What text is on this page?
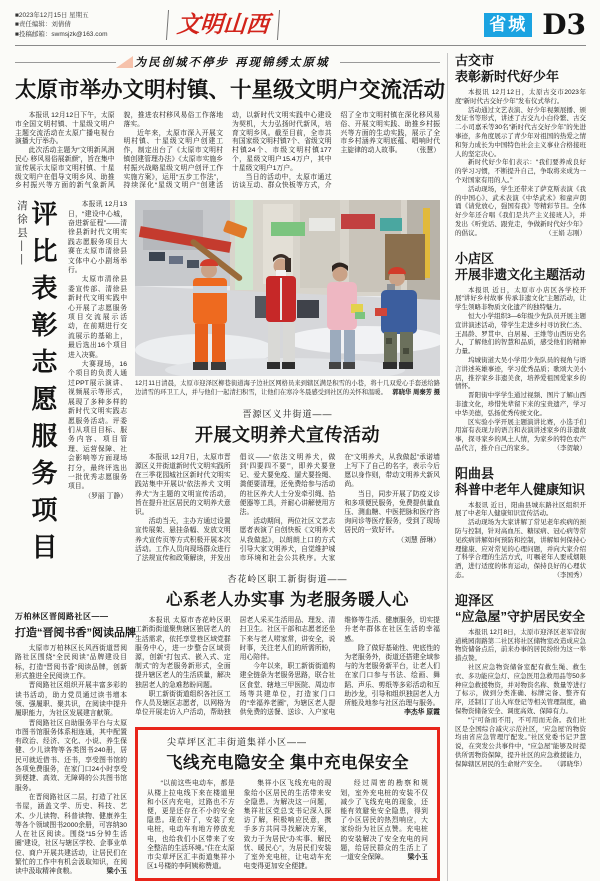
■2023年12月15日 星期五
■责任编辑：刘倩倩
■投稿邮箱：swmsjzk@163.com	文明山西	省城 D3
为民创城不停步 再现锦绣太原城
太原市举办文明村镇、十星级文明户交流活动

本报讯 12月12日下午，太原市全国文明村镇、十星级文明户主题交流活动在太原广播电视台演播大厅举办。

此次活动主题为“文明新风润民心 移风易俗展新颜”，旨在集中宣传展示太原市文明村镇、十星级文明户在倡导文明乡风、助推乡村振兴等方面的新气象新风貌，推进农村移风易俗工作落地落实。

近年来，太原市深入开展文明村镇、十星级文明户创建工作，制定出台了《太原市文明村镇创建管理办法》《太原市实施乡村振兴战略星级文明户创评工作实施方案》，运用“五步工作法”，持续深化“星级文明户”创建活动，以新时代文明实践中心建设为契机，大力弘扬时代新风，培育文明乡风。截至目前，全市共有国家级文明村镇7个、省级文明村镇24个、市级文明村镇177个，星级文明户15.4万户，其中十星级文明户1万户。

当日的活动中，太原市通过访谈互动、群众快板等方式，介绍了全市文明村镇在深化移风易俗、开展文明实践、助推乡村振兴等方面的生动实践，展示了全市乡村涵养文明底蕴、唱响时代主旋律的动人故事。 （张慧）

清徐县—— 评比表彰志愿服务项目	本报讯 12月13日，“建设中心城，奋进新征程”——清徐县新时代文明实践志愿服务项目大赛在太原市清徐县文体中心小剧场举行。

太原市清徐县委宣传部、清徐县新时代文明实践中心开展了志愿服务项目交流展示活动，在前期进行交流展示的基础上，最后选出16个项目进入决赛。

大赛现场，16个项目的负责人通过PPT展示演讲、视频展示等形式，展现了多种多样的新时代文明实践志愿服务活动。评委们从项目目标、服务内容、项目管理、运营保障、社会影响等方面现场打分，最终评选出一批优秀志愿服务项目。
（罗丽 丁静）

万柏林区晋阅路社区——
打造“晋阅书香”阅读品牌

太原市万柏林区长风西街道晋阅路社区围绕“全民阅读”品牌建设目标，打造“晋阅书香”阅读品牌，创新形式推进全民阅读工作。

晋阅路社区组织开展丰富多彩的读书活动，助力党员通过读书增本领、强履职、聚共识，在阅读中提升履职能力，为社区发展建言献策。

晋阅路社区自助服务平台与太原市图书馆服务体系相连通，其中配置有政治、经济、文化、小说、养生保健、少儿读物等各类图书240册，居民可就近借书、还书，享受图书馆的各项免费服务，在家门口24小时享受到便捷、高效、无障碍的公共图书馆服务。

在晋阅路社区二层，打造了社区书屋，涵盖文学、历史、科技、艺术、少儿读物、科普读物、健康养生等各个领域图书2000余册，可容纳30人在社区阅读。围绕“15分钟生活圈”建设，社区与辖区学校、企事业单位、商户开展共建活动，让居民们在繁忙的工作中有机会汲取知识，在阅读中汲取精神食粮。	梁小玉

12月11日清晨，太原市迎泽区柳巷街道海子边社区网格员来到辖区满是积雪的小巷，将十几双爱心手套送给路边清雪的环卫工人，并与他们一起清扫积雪，让他们在寒冷冬晨感受到社区的关怀和温暖。 郭晓华 周秦芳 摄
晋源区义井街道——
开展文明养犬宣传活动

本报讯 12月7日，太原市晋源区义井街道新时代文明实践所在三季花园城社区新时代文明实践站集中开展以“依法养犬 文明养犬”为主题的文明宣传活动，旨在提升社区居民的文明养犬意识。

活动当天，主办方通过设置宣传展架、悬挂条幅、发放文明养犬宣传页等方式积极开展本次活动。工作人员向现场群众进行了法规宣传和政策解读，并发出倡议——“依法文明养犬，做到‘四要四不要’”，即养犬要登记、爱犬要免疫、遛犬要拴绳、粪便要清理，还免费给参与活动的社区养犬人士分发牵引绳、拾便器等工具，并耐心讲解使用方法。

活动期间，两位社区文艺志愿者表演了自创快板《文明养犬 从我做起》，以朗朗上口的方式引导大家文明养犬，自觉维护城市环境和社会公共秩序。大家在“文明养犬，从我做起”承诺墙上写下了自己的名字，表示今后愿以身作则，带动文明养犬新风尚。

当日，同步开展了防疫义诊和多项便民服务，免费提供量血压、测血糖、中医把脉和医疗咨询问诊等医疗服务，受到了现场居民的一致好评。
（刘慧 薛琳）

杏花岭区职工新街街道——
心系老人办实事 为老服务暖人心

本报讯 太原市杏花岭区职工新街街道聚焦辖区独居老人的生活需求，依托享堂巷区域党群服务中心，进一步整合区域资源，创新“打包式、嵌入式、定制式”的为老服务新形式，全面提升辖区老人的生活质量，解决独居老人的急难愁盼问题。

职工新街街道组织各社区工作人员及辖区志愿者，以网格为单位开展走访入户活动，帮助独居老人采买生活用品、理发、清扫卫生。社区干部和志愿者还坐下来与老人唠家常，讲安全，说时事，关注老人们的所需所盼，用心陪伴。

今年以来，职工新街街道构建全链条为老服务思路，联合社区食堂、辖地三甲医院、周边市场等共建单位，打造家门口的“幸福养老圈”，为辖区老人提供免费的送餐、送诊、入户家电维修等生活、健康服务，切实提升老年群体在社区生活的幸福感。

除了做好基础性、兜底性的为老服务外，街道还搭建全域参与的为老服务新平台，让老人们在家门口参与书法、绘画、舞蹈、声乐、剪纸等多彩活动和互助沙龙，引导和组织独居老人力所能及地参与社区治理与服务。
李杰华 原霞

尖草坪区汇丰街道集祥小区——
飞线充电隐安全 集中充电保安全

“以前这些电动车，都是从楼上拉电线下来在楼道里和小区内充电，过路也不方便，更是还存在不小的安全隐患。现在好了，安装了充电桩，电动车有地方停放充电，也给我们小区带来了安全整洁的生活环境。”住在太原市尖草坪区汇丰街道集祥小区1号楼的李阿姨称赞道。

集祥小区飞线充电的现象给小区居民的生活带来安全隐患。为解决这一问题，集祥社区党总支书记深入探访了解，积极响应民意，携手多方共同寻找解决方案，致力于为居民“办实事、解民忧、暖民心”，为居民们安装了室外充电桩，让电动车充电变得更加安全便捷。

经过周密的勘察和规划，室外充电桩的安装不仅减少了飞线充电的现象，还能有效避免安全隐患，得到了小区居民的热烈响应，大家纷纷为社区点赞。充电桩的安装解决了安全充电的问题，给居民群众的生活上了一道安全保障。	梁小玉

古交市
表彰新时代好少年

本报讯 12月12日，太原古交市2023年度“新时代古交好少年”发布仪式举行。

活动通过文艺表演、好少年视频展播、颁发证书等形式，讲述了古交九小白伶繁、古交二小司嘉禾等30名“新时代古交好少年”的先进事迹，多角度展示了青少年对祖国的热爱之情和努力成长为中国特色社会主义事业合格接班人的坚定决心。

新时代好少年们表示：“我们要养成良好的学习习惯，不断提升自己，争取将来成为一个对国家有用的人。”

活动现场，学生还带来了萨克斯表演《我的中国心》、武术表演《中华武术》和童声朗诵《请党放心，强国有我》等精彩节目。全体好少年还合唱《我们是共产主义接班人》，并发出《听党话、跟党走，争做新时代好少年》的倡议。	（王娟 志刚）

小店区
开展非遗文化主题活动

本报讯 近日，太原市小店区各学校开展“讲好乡村故事 传承非遗文化”主题活动，让学生领略非物质文化遗产的独特魅力。

恒大小学组织3—6年级少先队员开展主题宣讲演述活动，带学生走进乡村寻访狄仁杰、王昌龄、罗贯中、白居易、王维等山西历史名人，了解他们的智慧和品质，感受他们的精神力量。

坞城街道大吴小学用少先队员的视角与语言讲述英雄事迹，学习优秀品质；歌颂大美小店，推荐家乡非遗美食，培养爱祖国爱家乡的情怀。

晋阳街中学学生通过视频、图片了解山西非遗文化，珍惜先辈留下来的宝贵遗产，学习中华美德，弘扬优秀传统文化。

区实验小学开展主题演讲比赛，小选手们用富有表现力的语言和表演讲述家乡的非遗故事，探寻家乡的风土人情，为家乡的特色农产品代言，推介自己的家乡。	（李贺敏）

阳曲县
科普中老年人健康知识

本报讯 近日，阳曲县城东路社区组织开展了中老年人健康知识宣传活动。

活动现场为大家讲解了常见老年疾病的预防与控制，针对高血压、糖尿病、冠心病等常见疾病讲解如何预防和控制，讲解如何保持心理健康、应对常见的心理问题，并向大家介绍了科学合理的生活方式，叮嘱老年人要戒烟限酒，进行适度的体育运动，保持良好的心理状态。	（李国秀）

迎泽区
“应急屋”守护居民安全

本报讯 12月8日，太原市迎泽区老军营街道桃园南路第二社区将社区储物室改造成应急物资储备点后，前来办事的居民纷纷为这一举措点赞。

社区应急物资储备室配有救生绳、救生衣、多功能应急灯、应急医用急救用品等50多种应急救援物资，并对物资名称、数量等进行了标示，做到分类准确、标牌完备、整齐有序，还制订了出入库登记等相关管理制度，确保物资储备安全、调度高效、保障有力。

“宁可备而不用，不可用而无备。我们社区是全国综合减灾示范社区，‘应急屋’的物资均由省应急管理厅配发。”社区党委书记尹慧说，在突发公共事件中，“应急屋”能够及时提供所需物资保障，提升社区的应急救援能力，保障辖区居民的生命财产安全。 （郭晓华）
